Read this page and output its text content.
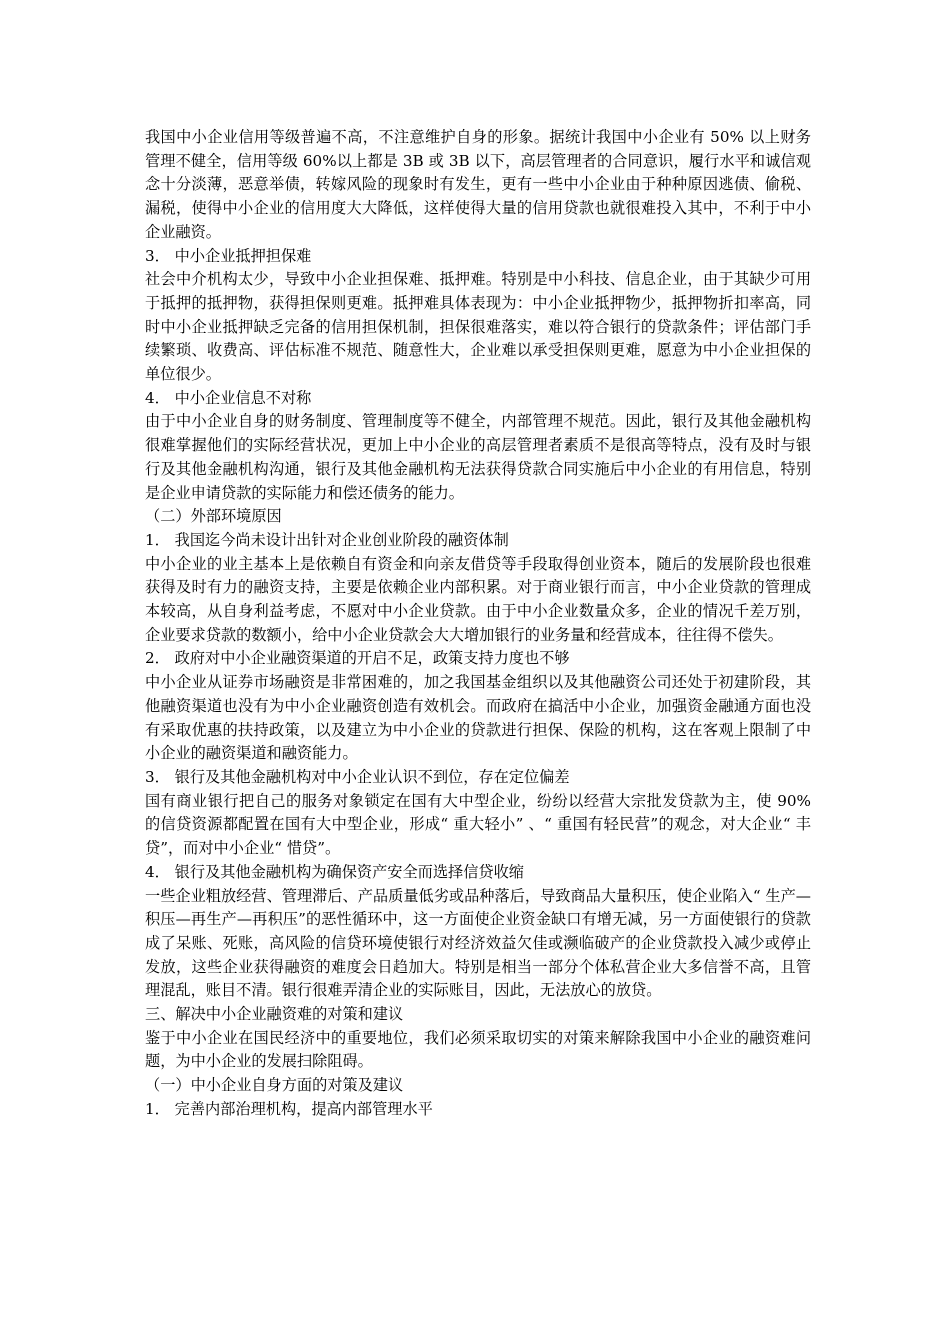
我国中小企业信用等级普遍不高，不注意维护自身的形象。据统计我国中小企业有 50% 以上财务管理不健全，信用等级 60%以上都是 3B 或 3B 以下，高层管理者的合同意识，履行水平和诚信观念十分淡薄，恶意举债，转嫁风险的现象时有发生，更有一些中小企业由于种种原因逃债、偷税、漏税，使得中小企业的信用度大大降低，这样使得大量的信用贷款也就很难投入其中，不利于中小企业融资。

3． 中小企业抵押担保难

社会中介机构太少，导致中小企业担保难、抵押难。特别是中小科技、信息企业，由于其缺少可用于抵押的抵押物，获得担保则更难。抵押难具体表现为：中小企业抵押物少，抵押物折扣率高，同时中小企业抵押缺乏完备的信用担保机制，担保很难落实，难以符合银行的贷款条件；评估部门手续繁琐、收费高、评估标准不规范、随意性大，企业难以承受担保则更难，愿意为中小企业担保的单位很少。

4． 中小企业信息不对称

由于中小企业自身的财务制度、管理制度等不健全，内部管理不规范。因此，银行及其他金融机构很难掌握他们的实际经营状况，更加上中小企业的高层管理者素质不是很高等特点，没有及时与银行及其他金融机构沟通，银行及其他金融机构无法获得贷款合同实施后中小企业的有用信息，特别是企业申请贷款的实际能力和偿还债务的能力。

（二）外部环境原因

1． 我国迄今尚未设计出针对企业创业阶段的融资体制

中小企业的业主基本上是依赖自有资金和向亲友借贷等手段取得创业资本，随后的发展阶段也很难获得及时有力的融资支持，主要是依赖企业内部积累。对于商业银行而言，中小企业贷款的管理成本较高，从自身利益考虑，不愿对中小企业贷款。由于中小企业数量众多，企业的情况千差万别，企业要求贷款的数额小，给中小企业贷款会大大增加银行的业务量和经营成本，往往得不偿失。

2． 政府对中小企业融资渠道的开启不足，政策支持力度也不够

中小企业从证券市场融资是非常困难的，加之我国基金组织以及其他融资公司还处于初建阶段，其他融资渠道也没有为中小企业融资创造有效机会。而政府在搞活中小企业，加强资金融通方面也没有采取优惠的扶持政策，以及建立为中小企业的贷款进行担保、保险的机构，这在客观上限制了中小企业的融资渠道和融资能力。

3． 银行及其他金融机构对中小企业认识不到位，存在定位偏差

国有商业银行把自己的服务对象锁定在国有大中型企业，纷纷以经营大宗批发贷款为主，使 90% 的信贷资源都配置在国有大中型企业，形成“ 重大轻小” 、“ 重国有轻民营”的观念，对大企业“ 丰贷”，而对中小企业“ 惜贷”。

4． 银行及其他金融机构为确保资产安全而选择信贷收缩

一些企业粗放经营、管理滞后、产品质量低劣或品种落后，导致商品大量积压，使企业陷入“ 生产—积压—再生产—再积压”的恶性循环中，这一方面使企业资金缺口有增无减，另一方面使银行的贷款成了呆账、死账，高风险的信贷环境使银行对经济效益欠佳或濒临破产的企业贷款投入减少或停止发放，这些企业获得融资的难度会日趋加大。特别是相当一部分个体私营企业大多信誉不高，且管理混乱，账目不清。银行很难弄清企业的实际账目，因此，无法放心的放贷。

三、解决中小企业融资难的对策和建议

鉴于中小企业在国民经济中的重要地位，我们必须采取切实的对策来解除我国中小企业的融资难问题，为中小企业的发展扫除阻碍。

（一）中小企业自身方面的对策及建议

1． 完善内部治理机构，提高内部管理水平
